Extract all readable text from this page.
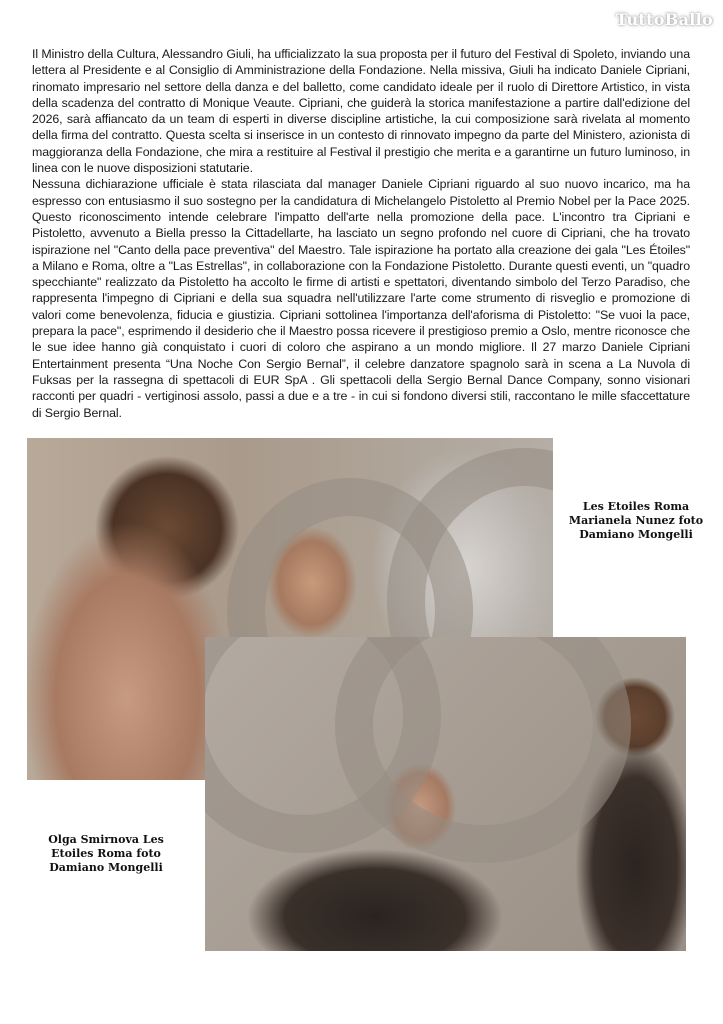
TuttoBallo

Il Ministro della Cultura, Alessandro Giuli, ha ufficializzato la sua proposta per il futuro del Festival di Spoleto, inviando una lettera al Presidente e al Consiglio di Amministrazione della Fondazione. Nella missiva, Giuli ha indicato Daniele Cipriani, rinomato impresario nel settore della danza e del balletto, come candidato ideale per il ruolo di Direttore Artistico, in vista della scadenza del contratto di Monique Veaute. Cipriani, che guiderà la storica manifestazione a partire dall'edizione del 2026, sarà affiancato da un team di esperti in diverse discipline artistiche, la cui composizione sarà rivelata al momento della firma del contratto. Questa scelta si inserisce in un contesto di rinnovato impegno da parte del Ministero, azionista di maggioranza della Fondazione, che mira a restituire al Festival il prestigio che merita e a garantirne un futuro luminoso, in linea con le nuove disposizioni statutarie.

Nessuna dichiarazione ufficiale è stata rilasciata dal manager Daniele Cipriani riguardo al suo nuovo incarico, ma ha espresso con entusiasmo il suo sostegno per la candidatura di Michelangelo Pistoletto al Premio Nobel per la Pace 2025. Questo riconoscimento intende celebrare l'impatto dell'arte nella promozione della pace. L'incontro tra Cipriani e Pistoletto, avvenuto a Biella presso la Cittadellarte, ha lasciato un segno profondo nel cuore di Cipriani, che ha trovato ispirazione nel "Canto della pace preventiva" del Maestro. Tale ispirazione ha portato alla creazione dei gala "Les Étoiles" a Milano e Roma, oltre a "Las Estrellas", in collaborazione con la Fondazione Pistoletto. Durante questi eventi, un "quadro specchiante" realizzato da Pistoletto ha accolto le firme di artisti e spettatori, diventando simbolo del Terzo Paradiso, che rappresenta l'impegno di Cipriani e della sua squadra nell'utilizzare l'arte come strumento di risveglio e promozione di valori come benevolenza, fiducia e giustizia. Cipriani sottolinea l'importanza dell'aforisma di Pistoletto: "Se vuoi la pace, prepara la pace", esprimendo il desiderio che il Maestro possa ricevere il prestigioso premio a Oslo, mentre riconosce che le sue idee hanno già conquistato i cuori di coloro che aspirano a un mondo migliore. Il 27 marzo Daniele Cipriani Entertainment presenta “Una Noche Con Sergio Bernal”, il celebre danzatore spagnolo sarà in scena a La Nuvola di Fuksas per la rassegna di spettacoli di EUR SpA . Gli spettacoli della Sergio Bernal Dance Company, sonno visionari racconti per quadri - vertiginosi assolo, passi a due e a tre - in cui si fondono diversi stili, raccontano le mille sfaccettature di Sergio Bernal.

Les Etoiles Roma Marianela Nunez foto Damiano Mongelli
Olga Smirnova Les Etoiles Roma foto Damiano Mongelli
